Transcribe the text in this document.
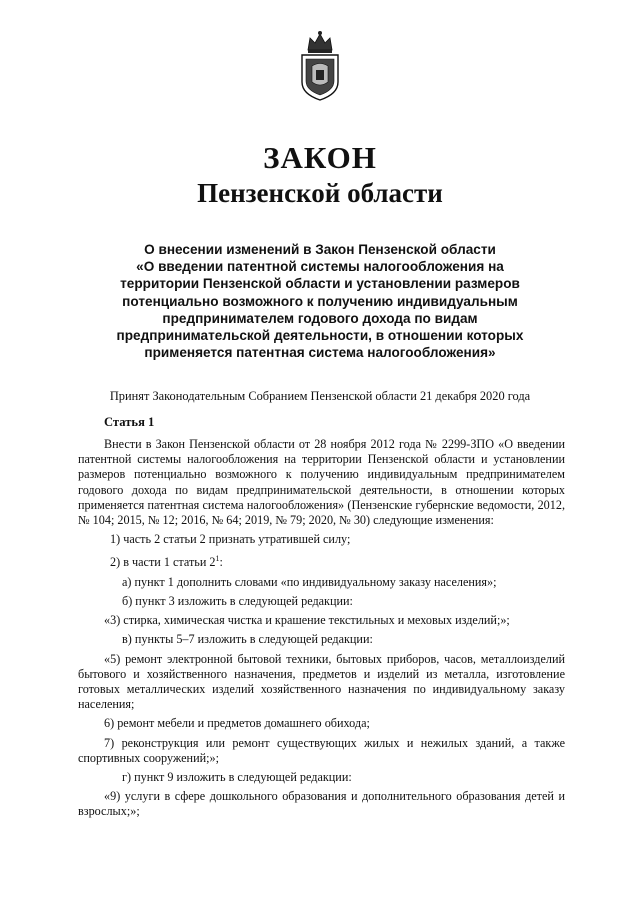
ЗАКОН
Пензенской области
О внесении изменений в Закон Пензенской области
«О введении патентной системы налогообложения на
территории Пензенской области и установлении размеров
потенциально возможного к получению индивидуальным
предпринимателем годового дохода по видам
предпринимательской деятельности, в отношении которых
применяется патентная система налогообложения»
Принят Законодательным Собранием Пензенской области 21 декабря 2020 года
Статья 1

Внести в Закон Пензенской области от 28 ноября 2012 года № 2299-ЗПО «О введении патентной системы налогообложения на территории Пензенской области и установлении размеров потенциально возможного к получению индивидуальным предпринимателем годового дохода по видам предпринимательской деятельности, в отношении которых применяется патентная система налогообложения» (Пензенские губернские ведомости, 2012, № 104; 2015, № 12; 2016, № 64; 2019, № 79; 2020, № 30) следующие изменения:

1) часть 2 статьи 2 признать утратившей силу;

2) в части 1 статьи $2^1$:

а) пункт 1 дополнить словами «по индивидуальному заказу населения»;

б) пункт 3 изложить в следующей редакции:

«3) стирка, химическая чистка и крашение текстильных и меховых изделий;»;

в) пункты 5–7 изложить в следующей редакции:

«5) ремонт электронной бытовой техники, бытовых приборов, часов, металлоизделий бытового и хозяйственного назначения, предметов и изделий из металла, изготовление готовых металлических изделий хозяйственного назначения по индивидуальному заказу населения;

6) ремонт мебели и предметов домашнего обихода;

7) реконструкция или ремонт существующих жилых и нежилых зданий, а также спортивных сооружений;»;

г) пункт 9 изложить в следующей редакции:

«9) услуги в сфере дошкольного образования и дополнительного образования детей и взрослых;»;
